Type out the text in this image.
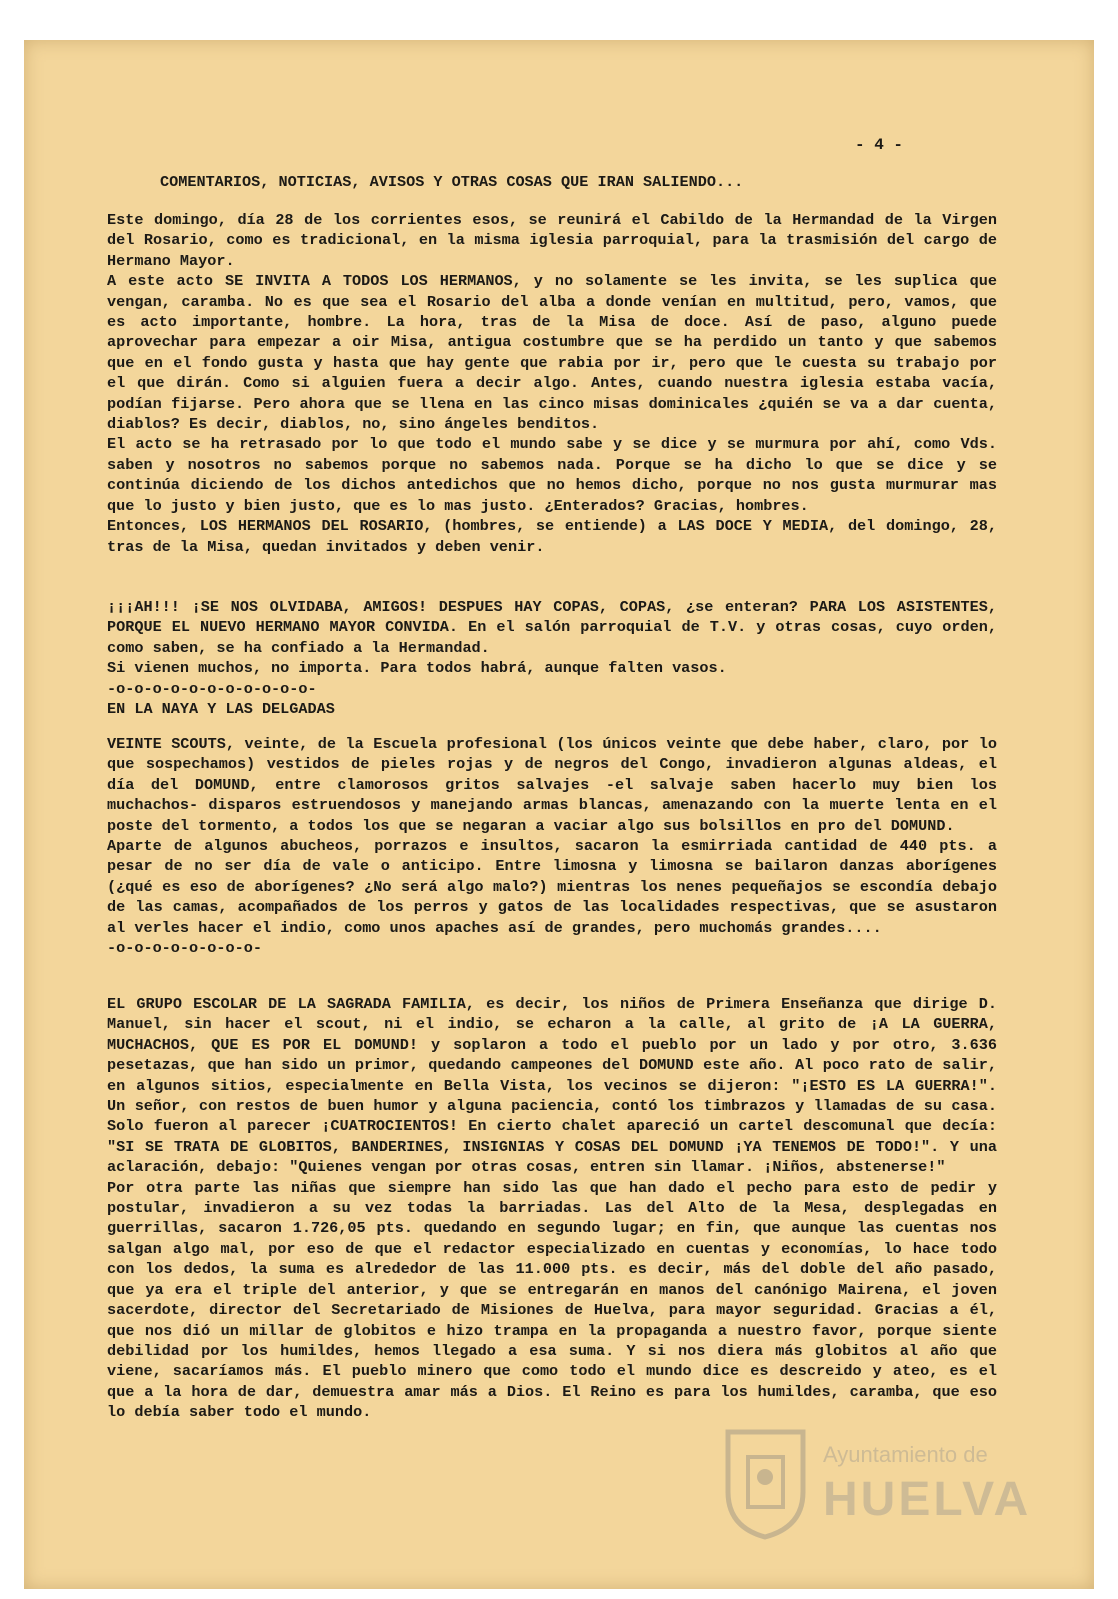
- 4 -
COMENTARIOS, NOTICIAS, AVISOS Y OTRAS COSAS QUE IRAN SALIENDO...

Este domingo, día 28 de los corrientes esos, se reunirá el Cabildo de la Hermandad de la Virgen del Rosario, como es tradicional, en la misma iglesia parroquial, para la trasmisión del cargo de Hermano Mayor.

A este acto SE INVITA A TODOS LOS HERMANOS, y no solamente se les invita, se les suplica que vengan, caramba. No es que sea el Rosario del alba a donde venían en multitud, pero, vamos, que es acto importante, hombre. La hora, tras de la Misa de doce. Así de paso, alguno puede aprovechar para empezar a oir Misa, antigua costumbre que se ha perdido un tanto y que sabemos que en el fondo gusta y hasta que hay gente que rabia por ir, pero que le cuesta su trabajo por el que dirán. Como si alguien fuera a decir algo. Antes, cuando nuestra iglesia estaba vacía, podían fijarse. Pero ahora que se llena en las cinco misas dominicales ¿quién se va a dar cuenta, diablos? Es decir, diablos, no, sino ángeles benditos.

El acto se ha retrasado por lo que todo el mundo sabe y se dice y se murmura por ahí, como Vds. saben y nosotros no sabemos porque no sabemos nada. Porque se ha dicho lo que se dice y se continúa diciendo de los dichos antedichos que no hemos dicho, porque no nos gusta murmurar mas que lo justo y bien justo, que es lo mas justo. ¿Enterados? Gracias, hombres.

Entonces, LOS HERMANOS DEL ROSARIO, (hombres, se entiende) a LAS DOCE Y MEDIA, del domingo, 28, tras de la Misa, quedan invitados y deben venir.

¡¡¡AH!!! ¡SE NOS OLVIDABA, AMIGOS! DESPUES HAY COPAS, COPAS, ¿se enteran? PARA LOS ASISTENTES, PORQUE EL NUEVO HERMANO MAYOR CONVIDA. En el salón parroquial de T.V. y otras cosas, cuyo orden, como saben, se ha confiado a la Hermandad.

Si vienen muchos, no importa. Para todos habrá, aunque falten vasos.

-o-o-o-o-o-o-o-o-o-o-o-

EN LA NAYA Y LAS DELGADAS

VEINTE SCOUTS, veinte, de la Escuela profesional (los únicos veinte que debe haber, claro, por lo que sospechamos) vestidos de pieles rojas y de negros del Congo, invadieron algunas aldeas, el día del DOMUND, entre clamorosos gritos salvajes -el salvaje saben hacerlo muy bien los muchachos- disparos estruendosos y manejando armas blancas, amenazando con la muerte lenta en el poste del tormento, a todos los que se negaran a vaciar algo sus bolsillos en pro del DOMUND.

Aparte de algunos abucheos, porrazos e insultos, sacaron la esmirriada cantidad de 440 pts. a pesar de no ser día de vale o anticipo. Entre limosna y limosna se bailaron danzas aborígenes (¿qué es eso de aborígenes? ¿No será algo malo?) mientras los nenes pequeñajos se escondía debajo de las camas, acompañados de los perros y gatos de las localidades respectivas, que se asustaron al verles hacer el indio, como unos apaches así de grandes, pero muchomás grandes....

-o-o-o-o-o-o-o-o-

EL GRUPO ESCOLAR DE LA SAGRADA FAMILIA, es decir, los niños de Primera Enseñanza que dirige D. Manuel, sin hacer el scout, ni el indio, se echaron a la calle, al grito de ¡A LA GUERRA, MUCHACHOS, QUE ES POR EL DOMUND! y soplaron a todo el pueblo por un lado y por otro, 3.636 pesetazas, que han sido un primor, quedando campeones del DOMUND este año. Al poco rato de salir, en algunos sitios, especialmente en Bella Vista, los vecinos se dijeron: "¡ESTO ES LA GUERRA!". Un señor, con restos de buen humor y alguna paciencia, contó los timbrazos y llamadas de su casa. Solo fueron al parecer ¡CUATROCIENTOS! En cierto chalet apareció un cartel descomunal que decía: "SI SE TRATA DE GLOBITOS, BANDERINES, INSIGNIAS Y COSAS DEL DOMUND ¡YA TENEMOS DE TODO!". Y una aclaración, debajo: "Quienes vengan por otras cosas, entren sin llamar. ¡Niños, abstenerse!"

Por otra parte las niñas que siempre han sido las que han dado el pecho para esto de pedir y postular, invadieron a su vez todas la barriadas. Las del Alto de la Mesa, desplegadas en guerrillas, sacaron 1.726,05 pts. quedando en segundo lugar; en fin, que aunque las cuentas nos salgan algo mal, por eso de que el redactor especializado en cuentas y economías, lo hace todo con los dedos, la suma es alrededor de las 11.000 pts. es decir, más del doble del año pasado, que ya era el triple del anterior, y que se entregarán en manos del canónigo Mairena, el joven sacerdote, director del Secretariado de Misiones de Huelva, para mayor seguridad. Gracias a él, que nos dió un millar de globitos e hizo trampa en la propaganda a nuestro favor, porque siente debilidad por los humildes, hemos llegado a esa suma. Y si nos diera más globitos al año que viene, sacaríamos más. El pueblo minero que como todo el mundo dice es descreido y ateo, es el que a la hora de dar, demuestra amar más a Dios. El Reino es para los humildes, caramba, que eso lo debía saber todo el mundo.

Ayuntamiento de
HUELVA
